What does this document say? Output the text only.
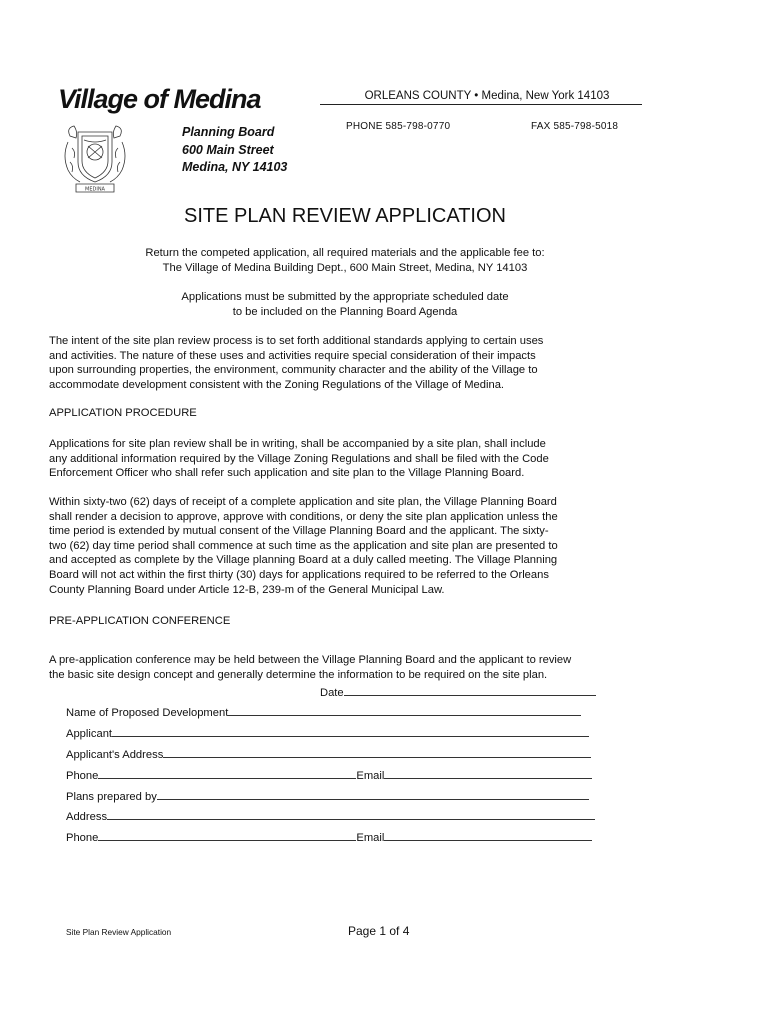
Village of Medina
MEDINA
Planning Board
600 Main Street
Medina, NY 14103
ORLEANS COUNTY • Medina, New York 14103
PHONE 585-798-0770	FAX 585-798-5018
SITE PLAN REVIEW APPLICATION
Return the competed application, all required materials and the applicable fee to:
The Village of Medina Building Dept., 600 Main Street, Medina, NY 14103
Applications must be submitted by the appropriate scheduled date
to be included on the Planning Board Agenda
The intent of the site plan review process is to set forth additional standards applying to certain uses
and activities. The nature of these uses and activities require special consideration of their impacts
upon surrounding properties, the environment, community character and the ability of the Village to
accommodate development consistent with the Zoning Regulations of the Village of Medina.
APPLICATION PROCEDURE
Applications for site plan review shall be in writing, shall be accompanied by a site plan, shall include
any additional information required by the Village Zoning Regulations and shall be filed with the Code
Enforcement Officer who shall refer such application and site plan to the Village Planning Board.
Within sixty-two (62) days of receipt of a complete application and site plan, the Village Planning Board
shall render a decision to approve, approve with conditions, or deny the site plan application unless the
time period is extended by mutual consent of the Village Planning Board and the applicant. The sixty-
two (62) day time period shall commence at such time as the application and site plan are presented to
and accepted as complete by the Village planning Board at a duly called meeting. The Village Planning
Board will not act within the first thirty (30) days for applications required to be referred to the Orleans
County Planning Board under Article 12-B, 239-m of the General Municipal Law.
PRE-APPLICATION CONFERENCE
A pre-application conference may be held between the Village Planning Board and the applicant to review
the basic site design concept and generally determine the information to be required on the site plan.
Date
Name of Proposed Development
Applicant
Applicant's Address
Phone	Email
Plans prepared by
Address
Phone	Email
Site Plan Review Application	Page 1 of 4
